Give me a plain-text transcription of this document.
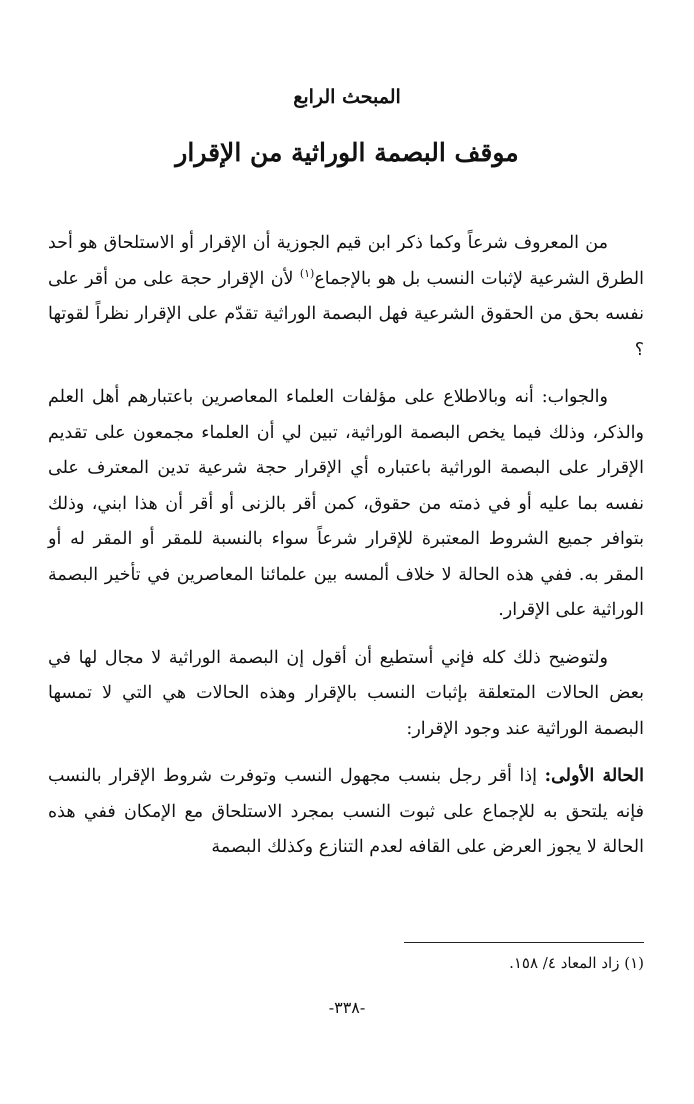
المبحث الرابع
موقف البصمة الوراثية من الإقرار

من المعروف شرعاً وكما ذكر ابن قيم الجوزية أن الإقرار أو الاستلحاق هو أحد الطرق الشرعية لإثبات النسب بل هو بالإجماع$^{(١)}$ لأن الإقرار حجة على من أقر على نفسه بحق من الحقوق الشرعية فهل البصمة الوراثية تقدّم على الإقرار نظراً لقوتها ؟

والجواب: أنه وبالاطلاع على مؤلفات العلماء المعاصرين باعتبارهم أهل العلم والذكر، وذلك فيما يخص البصمة الوراثية، تبين لي أن العلماء مجمعون على تقديم الإقرار على البصمة الوراثية باعتباره أي الإقرار حجة شرعية تدين المعترف على نفسه بما عليه أو في ذمته من حقوق، كمن أقر بالزنى أو أقر أن هذا ابني، وذلك بتوافر جميع الشروط المعتبرة للإقرار شرعاً سواء بالنسبة للمقر أو المقر له أو المقر به. ففي هذه الحالة لا خلاف ألمسه بين علمائنا المعاصرين في تأخير البصمة الوراثية على الإقرار.

ولتوضيح ذلك كله فإني أستطيع أن أقول إن البصمة الوراثية لا مجال لها في بعض الحالات المتعلقة بإثبات النسب بالإقرار وهذه الحالات هي التي لا تمسها البصمة الوراثية عند وجود الإقرار:

الحالة الأولى: إذا أقر رجل بنسب مجهول النسب وتوفرت شروط الإقرار بالنسب فإنه يلتحق به للإجماع على ثبوت النسب بمجرد الاستلحاق مع الإمكان ففي هذه الحالة لا يجوز العرض على القافه لعدم التنازع وكذلك البصمة

(١) زاد المعاد ٤/ ١٥٨.
-٣٣٨-
